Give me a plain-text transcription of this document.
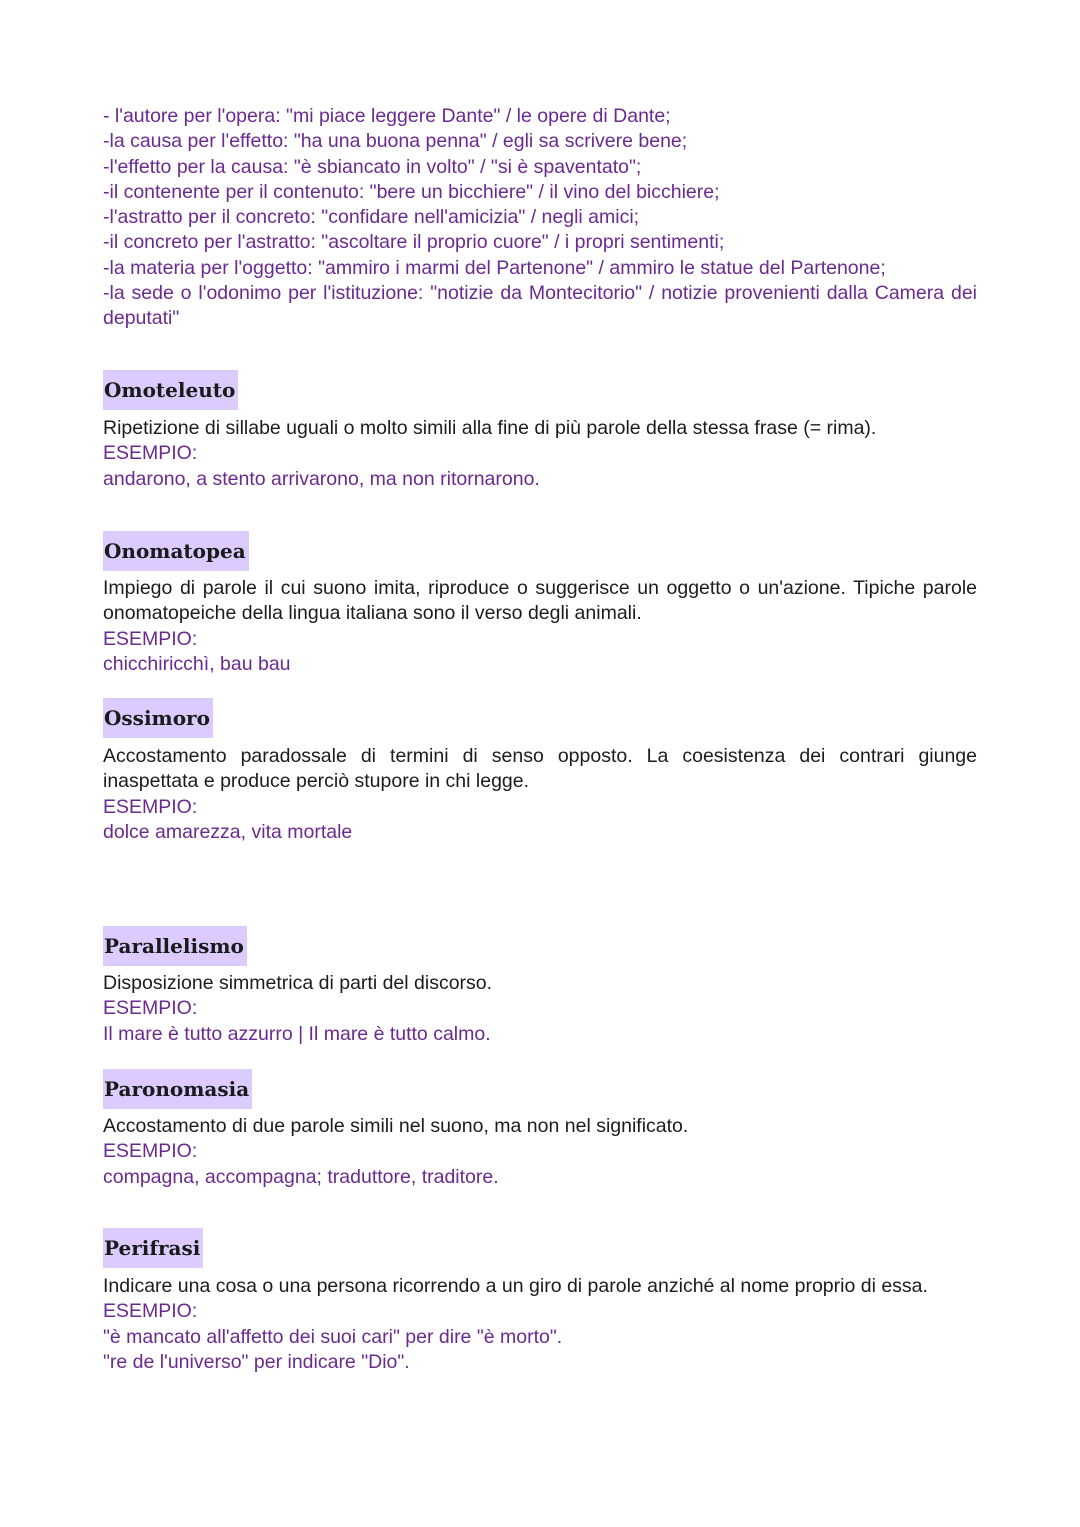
- l'autore per l'opera: "mi piace leggere Dante" / le opere di Dante;
-la causa per l'effetto: "ha una buona penna" / egli sa scrivere bene;
-l'effetto per la causa: "è sbiancato in volto" / "si è spaventato";
-il contenente per il contenuto: "bere un bicchiere" / il vino del bicchiere;
-l'astratto per il concreto: "confidare nell'amicizia" / negli amici;
-il concreto per l'astratto: "ascoltare il proprio cuore" / i propri sentimenti;
-la materia per l'oggetto: "ammiro i marmi del Partenone" / ammiro le statue del Partenone;
-la sede o l'odonimo per l'istituzione: "notizie da Montecitorio" / notizie provenienti dalla Camera dei deputati"
Omoteleuto
Ripetizione di sillabe uguali o molto simili alla fine di più parole della stessa frase (= rima).
ESEMPIO:
andarono, a stento arrivarono, ma non ritornarono.
Onomatopea
Impiego di parole il cui suono imita, riproduce o suggerisce un oggetto o un'azione. Tipiche parole onomatopeiche della lingua italiana sono il verso degli animali.
ESEMPIO:
chicchiricchì, bau bau
Ossimoro
Accostamento paradossale di termini di senso opposto. La coesistenza dei contrari giunge inaspettata e produce perciò stupore in chi legge.
ESEMPIO:
dolce amarezza, vita mortale
Parallelismo
Disposizione simmetrica di parti del discorso.
ESEMPIO:
Il mare è tutto azzurro | Il mare è tutto calmo.
Paronomasia
Accostamento di due parole simili nel suono, ma non nel significato.
ESEMPIO:
compagna, accompagna; traduttore, traditore.
Perifrasi
Indicare una cosa o una persona ricorrendo a un giro di parole anziché al nome proprio di essa.
ESEMPIO:
"è mancato all'affetto dei suoi cari" per dire "è morto".
"re de l'universo" per indicare "Dio".
